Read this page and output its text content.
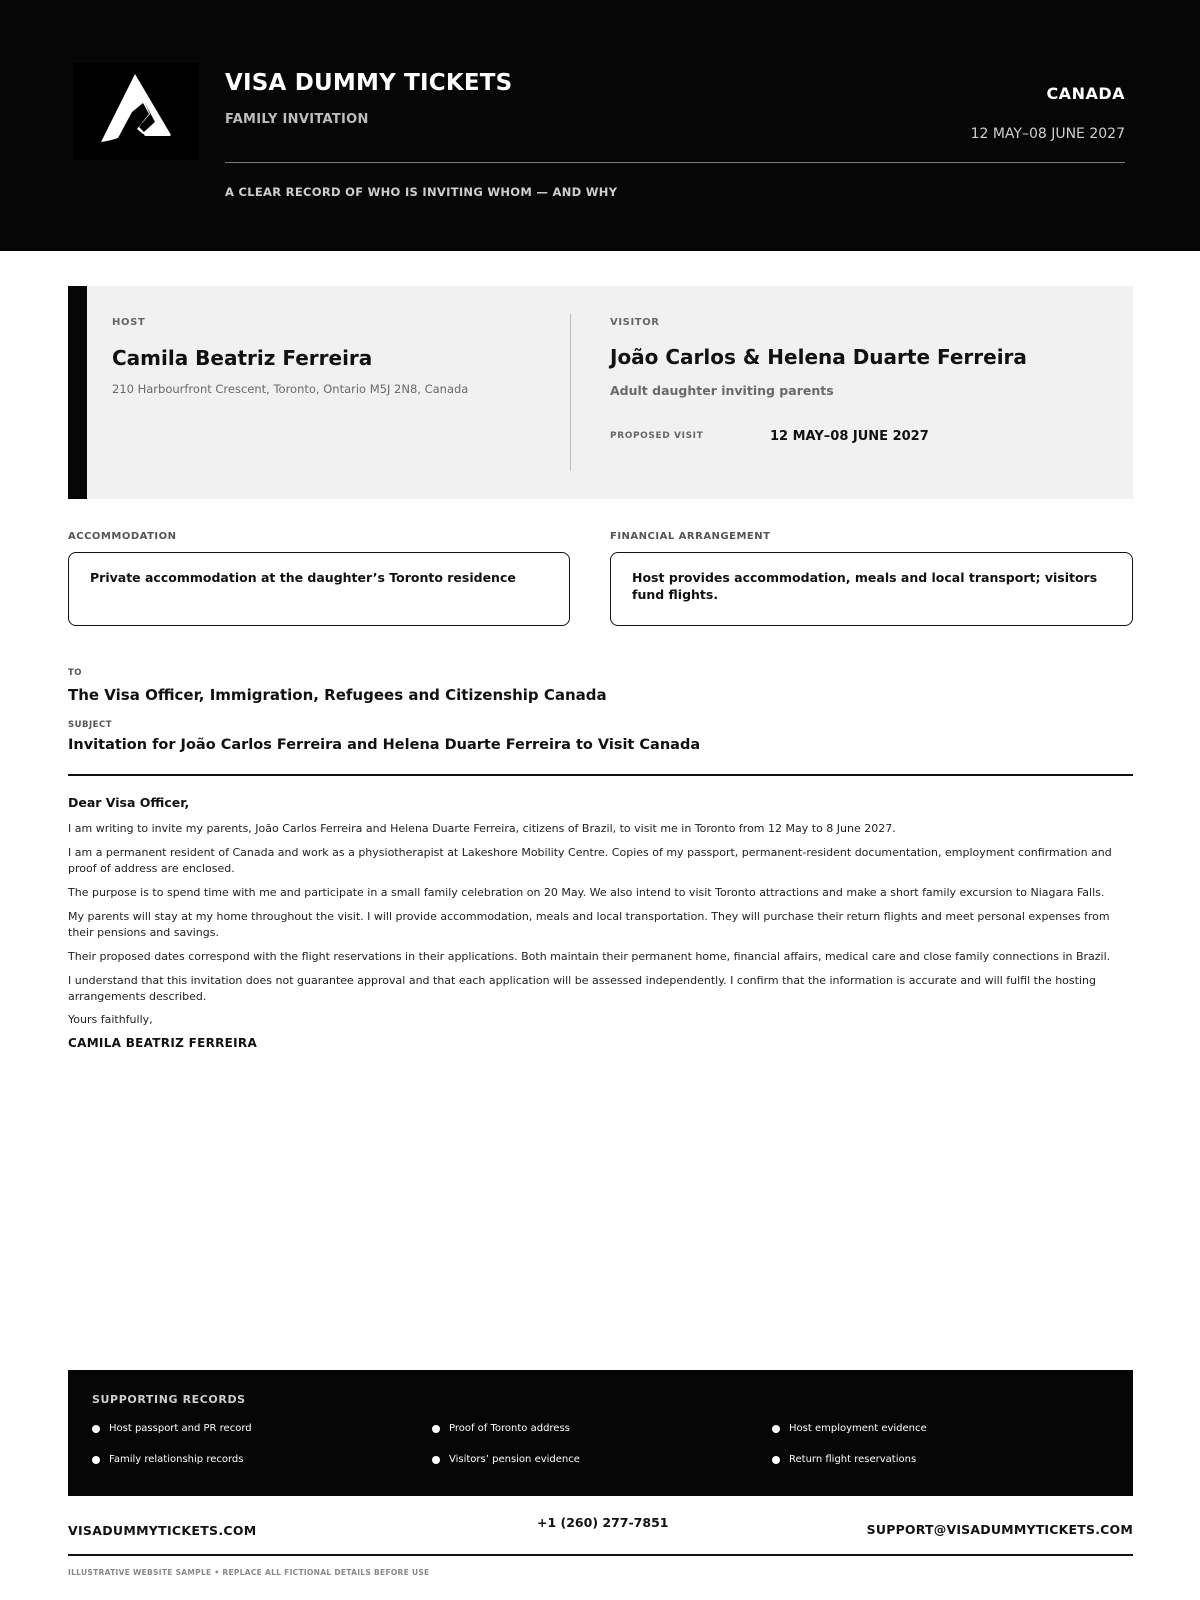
VISA DUMMY TICKETS
FAMILY INVITATION
CANADA
12 MAY–08 JUNE 2027
A CLEAR RECORD OF WHO IS INVITING WHOM — AND WHY
HOST
Camila Beatriz Ferreira
210 Harbourfront Crescent, Toronto, Ontario M5J 2N8, Canada
VISITOR
João Carlos & Helena Duarte Ferreira
Adult daughter inviting parents
PROPOSED VISIT	12 MAY–08 JUNE 2027
ACCOMMODATION
Private accommodation at the daughter’s Toronto residence
FINANCIAL ARRANGEMENT
Host provides accommodation, meals and local transport; visitors fund flights.
TO
The Visa Officer, Immigration, Refugees and Citizenship Canada
SUBJECT
Invitation for João Carlos Ferreira and Helena Duarte Ferreira to Visit Canada
Dear Visa Officer,

I am writing to invite my parents, João Carlos Ferreira and Helena Duarte Ferreira, citizens of Brazil, to visit me in Toronto from 12 May to 8 June 2027.

I am a permanent resident of Canada and work as a physiotherapist at Lakeshore Mobility Centre. Copies of my passport, permanent-resident documentation, employment confirmation and proof of address are enclosed.

The purpose is to spend time with me and participate in a small family celebration on 20 May. We also intend to visit Toronto attractions and make a short family excursion to Niagara Falls.

My parents will stay at my home throughout the visit. I will provide accommodation, meals and local transportation. They will purchase their return flights and meet personal expenses from their pensions and savings.

Their proposed dates correspond with the flight reservations in their applications. Both maintain their permanent home, financial affairs, medical care and close family connections in Brazil.

I understand that this invitation does not guarantee approval and that each application will be assessed independently. I confirm that the information is accurate and will fulfil the hosting arrangements described.

Yours faithfully,

CAMILA BEATRIZ FERREIRA
SUPPORTING RECORDS
Host passport and PR record	Proof of Toronto address	Host employment evidence
Family relationship records	Visitors’ pension evidence	Return flight reservations
VISADUMMYTICKETS.COM
+1 (260) 277-7851	SUPPORT@VISADUMMYTICKETS.COM
ILLUSTRATIVE WEBSITE SAMPLE • REPLACE ALL FICTIONAL DETAILS BEFORE USE
